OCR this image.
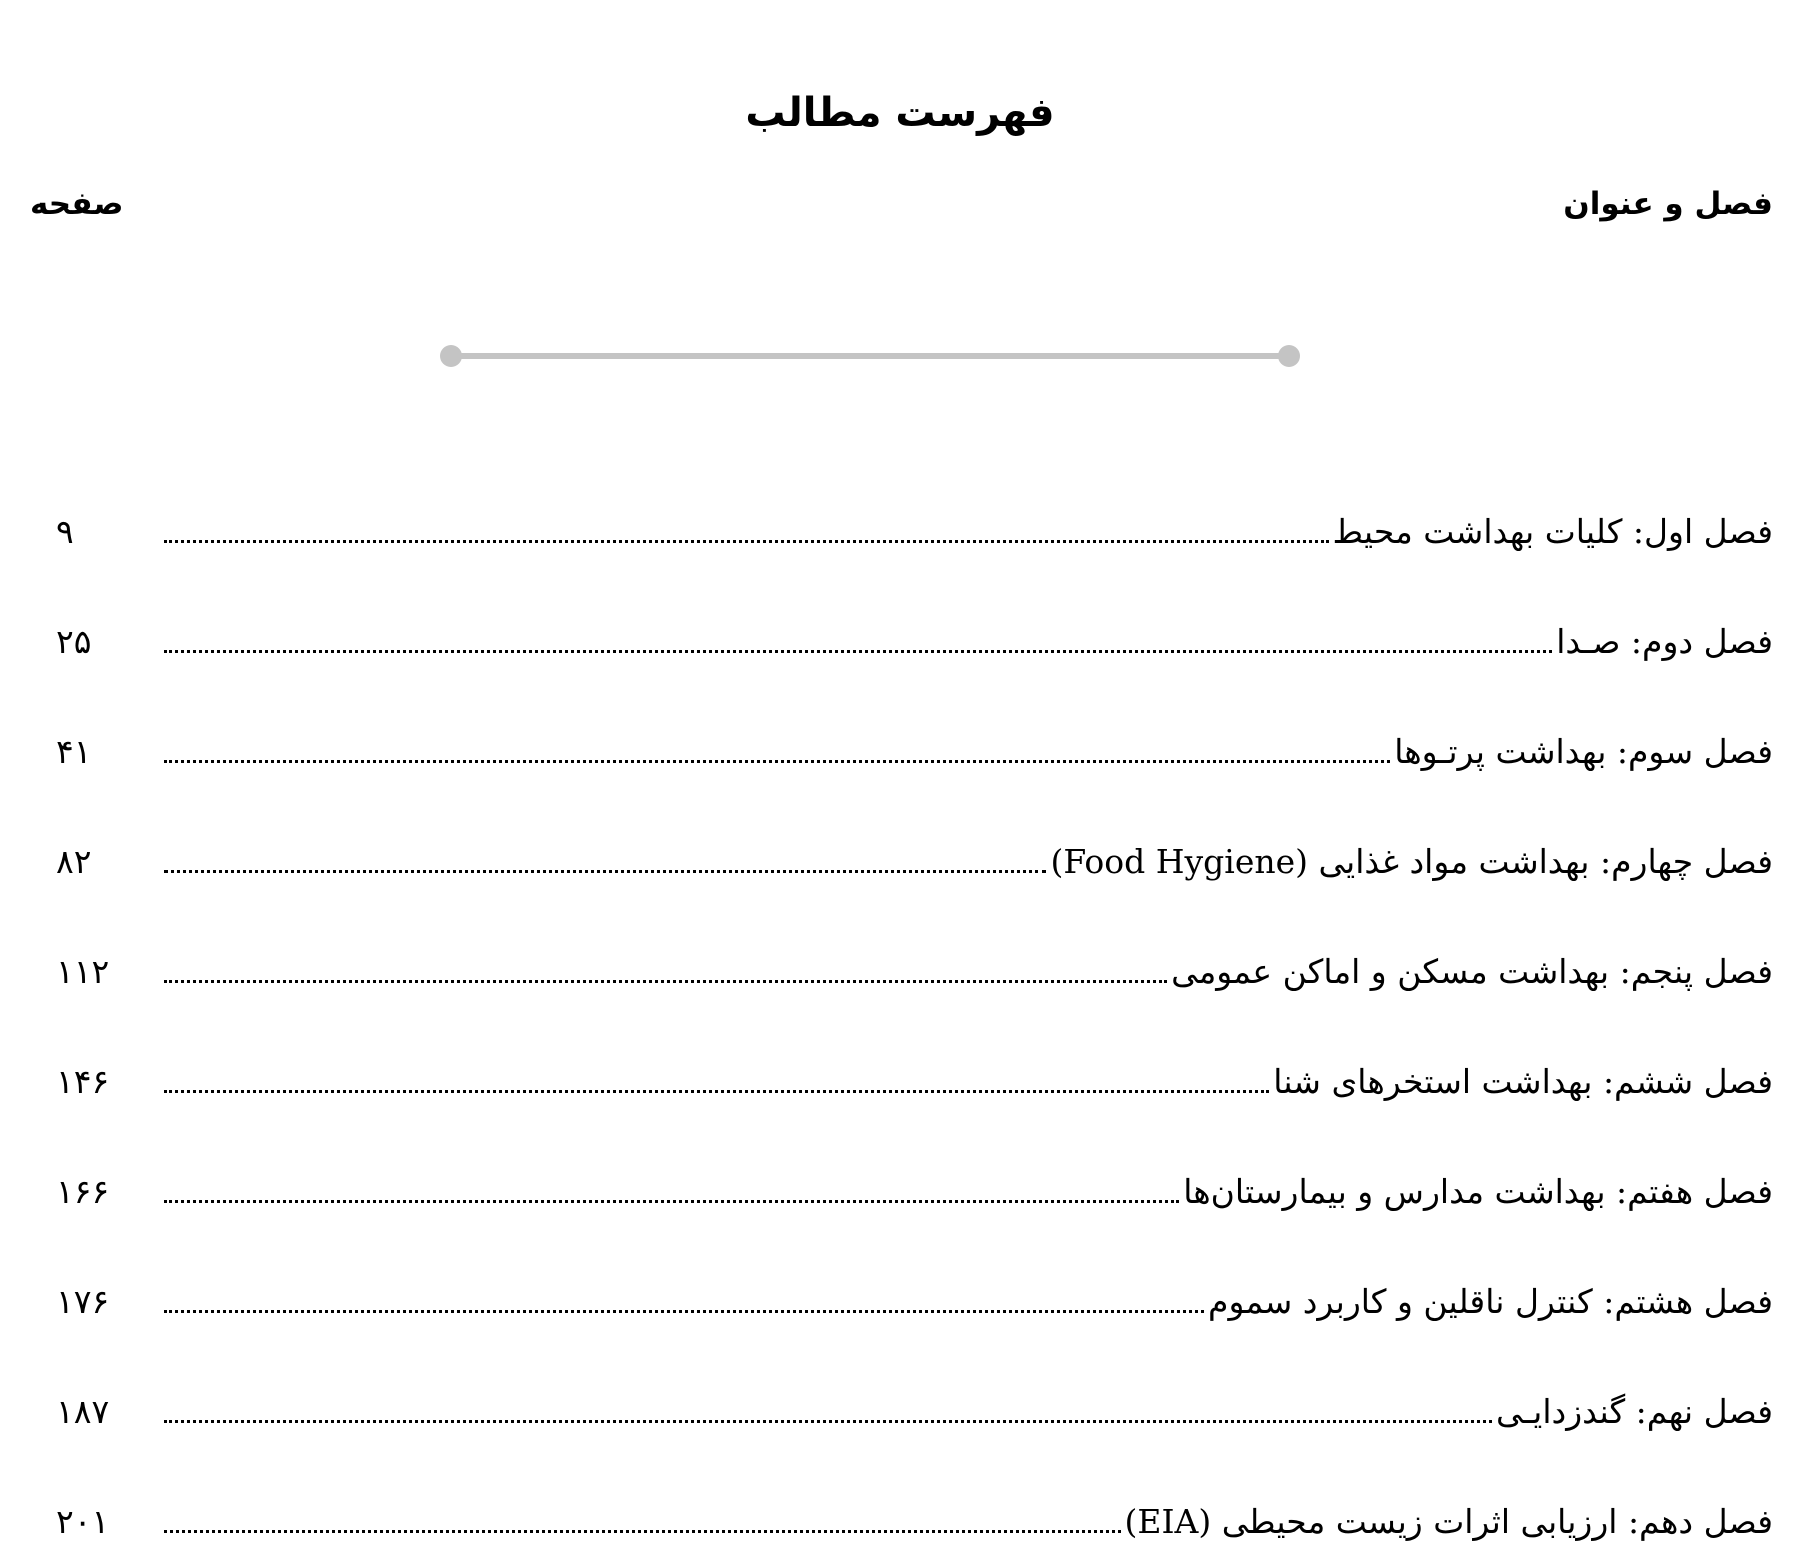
فهرست مطالب
فصل و عنوان
صفحه
فصل اول: کلیات بهداشت محیط
۹
فصل دوم: صـدا
۲۵
فصل سوم: بهداشت پرتـوها
۴۱
فصل چهارم: بهداشت مواد غذایی (Food Hygiene)
۸۲
فصل پنجم: بهداشت مسکن و اماکن عمومی
۱۱۲
فصل ششم: بهداشت استخرهای شنا
۱۴۶
فصل هفتم: بهداشت مدارس و بیمارستان‌ها
۱۶۶
فصل هشتم: کنترل ناقلین و کاربرد سموم
۱۷۶
فصل نهم: گندزدایـی
۱۸۷
فصل دهم: ارزیابی اثرات زیست محیطی (EIA)
۲۰۱
